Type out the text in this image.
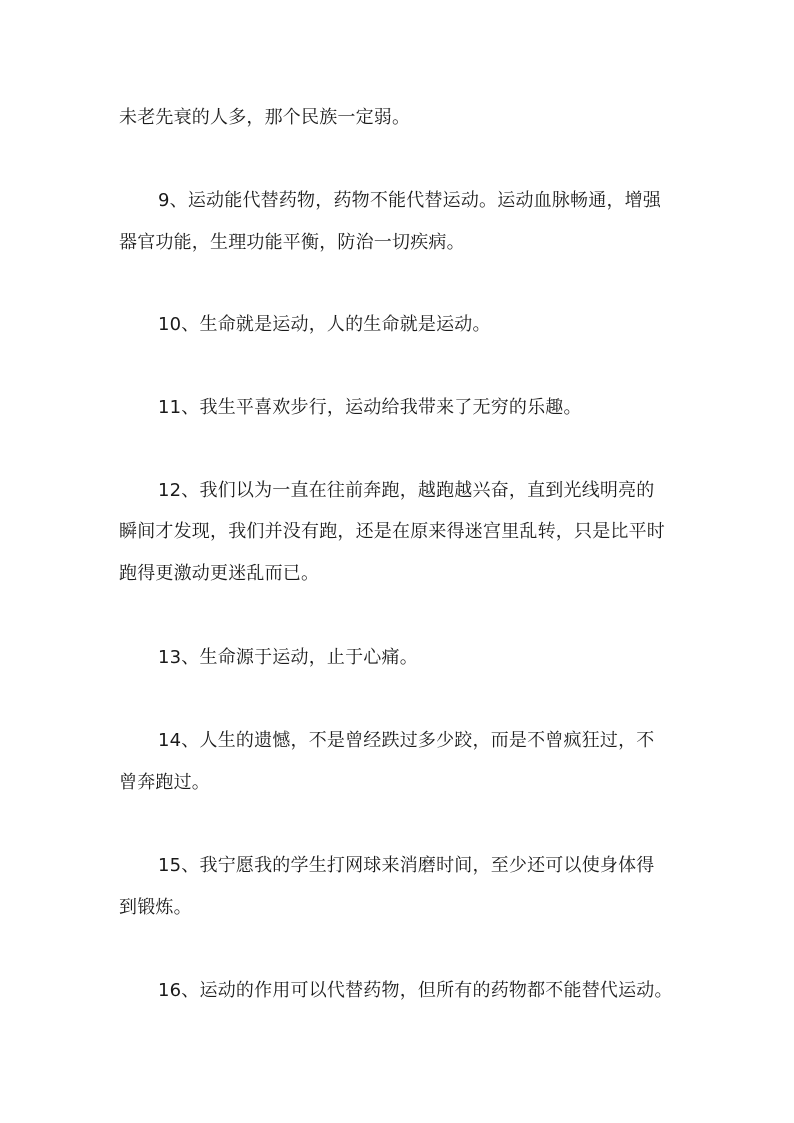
未老先衰的人多，那个民族一定弱。

9、运动能代替药物，药物不能代替运动。运动血脉畅通，增强

器官功能，生理功能平衡，防治一切疾病。

10、生命就是运动，人的生命就是运动。

11、我生平喜欢步行，运动给我带来了无穷的乐趣。

12、我们以为一直在往前奔跑，越跑越兴奋，直到光线明亮的

瞬间才发现，我们并没有跑，还是在原来得迷宫里乱转，只是比平时

跑得更激动更迷乱而已。

13、生命源于运动，止于心痛。

14、人生的遗憾，不是曾经跌过多少跤，而是不曾疯狂过，不

曾奔跑过。

15、我宁愿我的学生打网球来消磨时间，至少还可以使身体得

到锻炼。

16、运动的作用可以代替药物，但所有的药物都不能替代运动。
